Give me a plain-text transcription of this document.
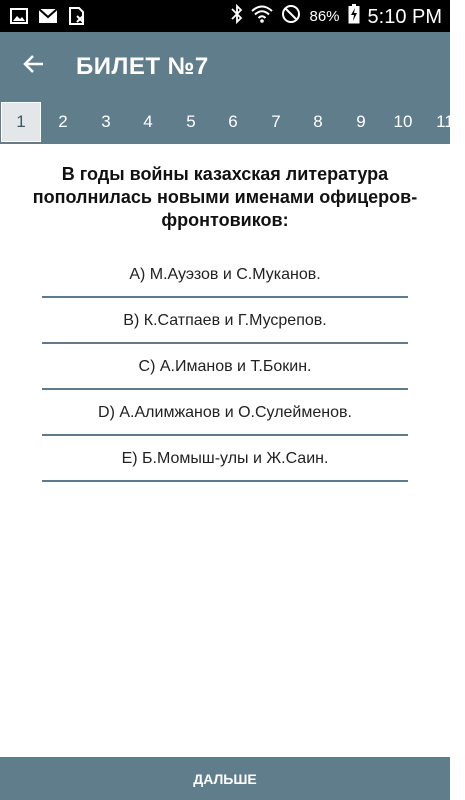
86% 5:10 PM
БИЛЕТ №7
1	2	3	4	5	6	7	8	9	10	11
В годы войны казахская литература пополнилась новыми именами офицеров-фронтовиков:
A) М.Ауэзов и С.Муканов.
B) К.Сатпаев и Г.Мусрепов.
C) А.Иманов и Т.Бокин.
D) А.Алимжанов и О.Сулейменов.
E) Б.Момыш-улы и Ж.Саин.
ДАЛЬШЕ
